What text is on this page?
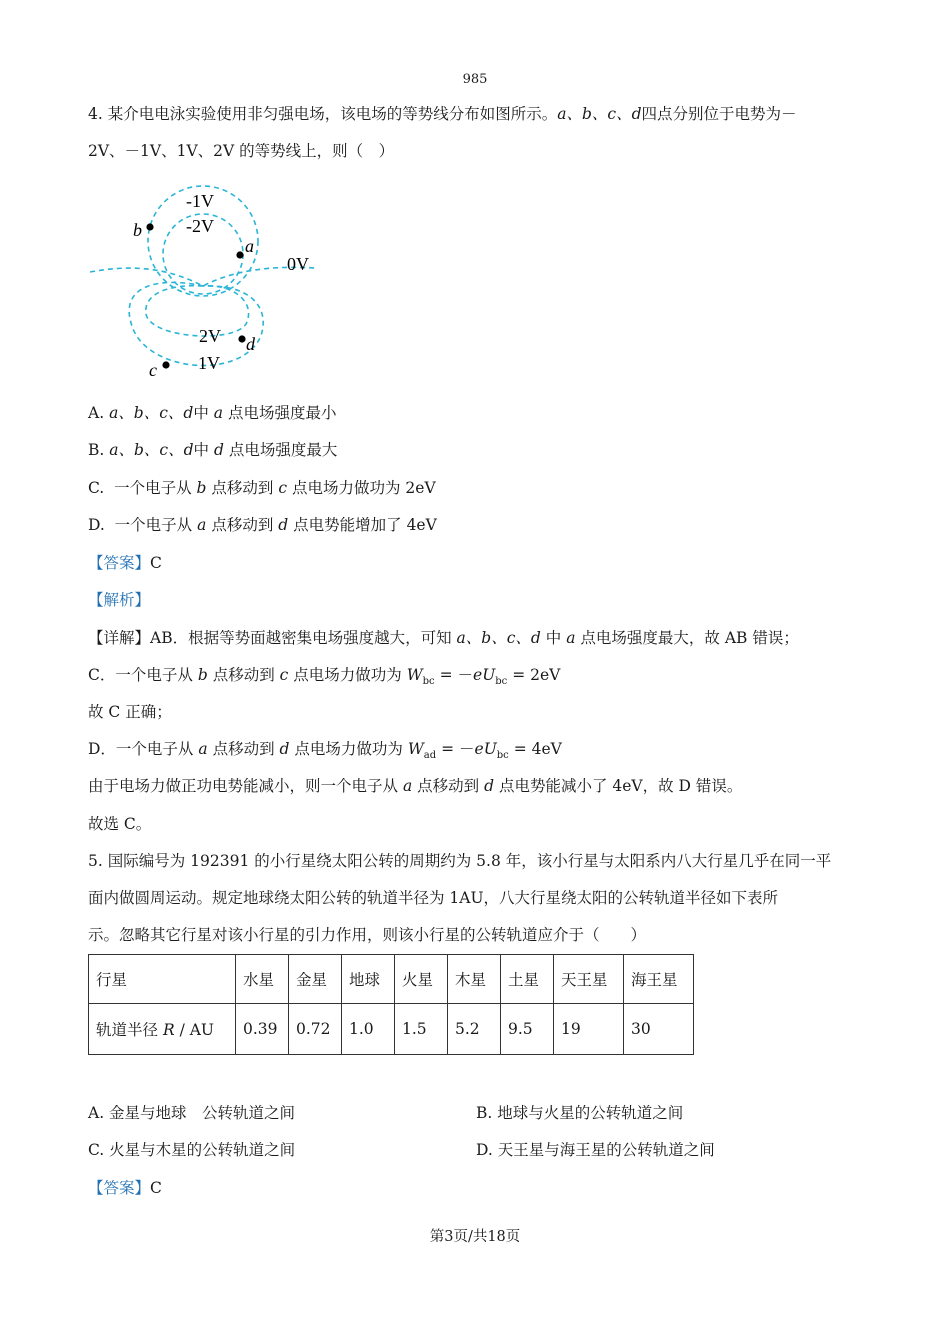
985
4. 某介电电泳实验使用非匀强电场，该电场的等势线分布如图所示。a、b、c、d四点分别位于电势为－
2V、－1V、1V、2V 的等势线上，则（　）
-1V
-2V
0V
2V
1V
b
a
d
c
A. a、b、c、d中 a 点电场强度最小
B. a、b、c、d中 d 点电场强度最大
C. 一个电子从 b 点移动到 c 点电场力做功为 2eV
D. 一个电子从 a 点移动到 d 点电势能增加了 4eV
【答案】C
【解析】
【详解】AB．根据等势面越密集电场强度越大，可知 a、b、c、d 中 a 点电场强度最大，故 AB 错误；
C．一个电子从 b 点移动到 c 点电场力做功为 $W_{bc} = -eU_{bc} = 2eV$
故 C 正确；
D．一个电子从 a 点移动到 d 点电场力做功为 $W_{ad} = -eU_{bc} = 4eV$
由于电场力做正功电势能减小，则一个电子从 a 点移动到 d 点电势能减小了 4eV，故 D 错误。
故选 C。
5. 国际编号为 192391 的小行星绕太阳公转的周期约为 5.8 年，该小行星与太阳系内八大行星几乎在同一平
面内做圆周运动。规定地球绕太阳公转的轨道半径为 1AU，八大行星绕太阳的公转轨道半径如下表所
示。忽略其它行星对该小行星的引力作用，则该小行星的公转轨道应介于（　　）
行星	水星	金星	地球	火星	木星	土星	天王星	海王星
轨道半径 R / AU	0.39	0.72	1.0	1.5	5.2	9.5	19	30
A. 金星与地球　公转轨道之间	B. 地球与火星的公转轨道之间
C. 火星与木星的公转轨道之间	D. 天王星与海王星的公转轨道之间
【答案】C
第3页/共18页
